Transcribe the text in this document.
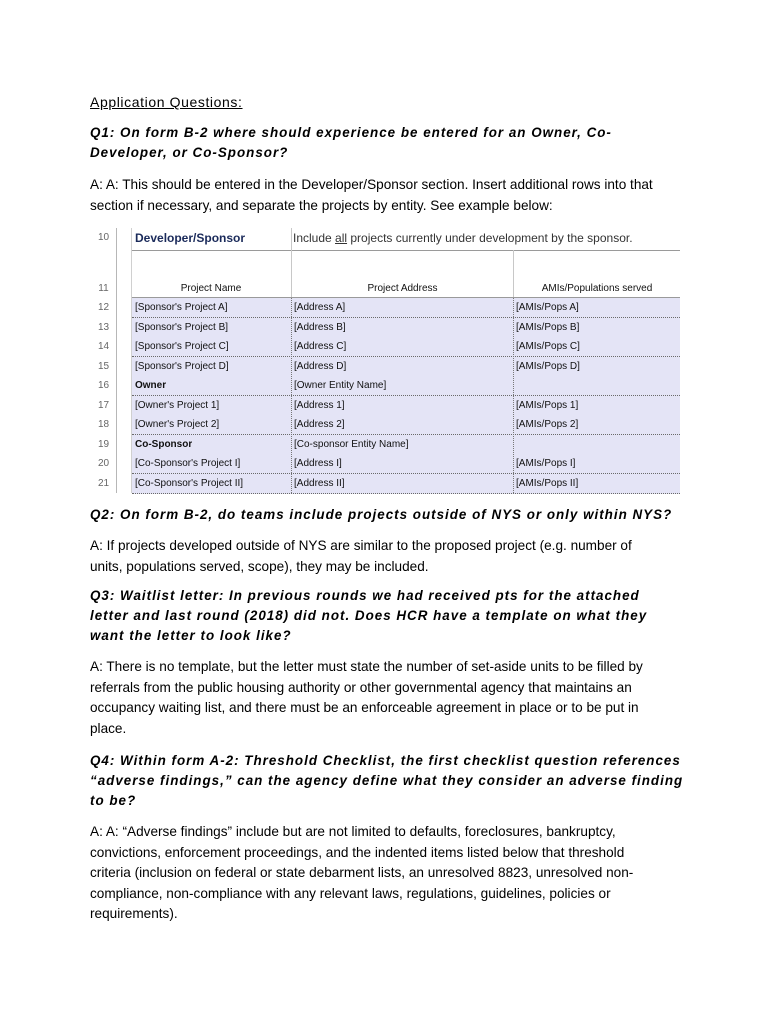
Application Questions:
Q1: On form B-2 where should experience be entered for an Owner, Co-
Developer, or Co-Sponsor?
A: A: This should be entered in the Developer/Sponsor section. Insert additional rows into that
section if necessary, and separate the projects by entity. See example below:
10	Developer/Sponsor	Include all projects currently under development by the sponsor.
11	Project Name	Project Address	AMIs/Populations served
12	[Sponsor's Project A]	[Address A]	[AMIs/Pops A]
13	[Sponsor's Project B]	[Address B]	[AMIs/Pops B]
14	[Sponsor's Project C]	[Address C]	[AMIs/Pops C]
15	[Sponsor's Project D]	[Address D]	[AMIs/Pops D]
16	Owner	[Owner Entity Name]
17	[Owner's Project 1]	[Address 1]	[AMIs/Pops 1]
18	[Owner's Project 2]	[Address 2]	[AMIs/Pops 2]
19	Co-Sponsor	[Co-sponsor Entity Name]
20	[Co-Sponsor's Project I]	[Address I]	[AMIs/Pops I]
21	[Co-Sponsor's Project II]	[Address II]	[AMIs/Pops II]
Q2: On form B-2, do teams include projects outside of NYS or only within NYS?
A: If projects developed outside of NYS are similar to the proposed project (e.g. number of
units, populations served, scope), they may be included.
Q3: Waitlist letter: In previous rounds we had received pts for the attached
letter and last round (2018) did not. Does HCR have a template on what they
want the letter to look like?
A: There is no template, but the letter must state the number of set-aside units to be filled by
referrals from the public housing authority or other governmental agency that maintains an
occupancy waiting list, and there must be an enforceable agreement in place or to be put in
place.
Q4: Within form A-2: Threshold Checklist, the first checklist question references
“adverse findings,” can the agency define what they consider an adverse finding
to be?
A: A: “Adverse findings” include but are not limited to defaults, foreclosures, bankruptcy,
convictions, enforcement proceedings, and the indented items listed below that threshold
criteria (inclusion on federal or state debarment lists, an unresolved 8823, unresolved non-
compliance, non-compliance with any relevant laws, regulations, guidelines, policies or
requirements).
